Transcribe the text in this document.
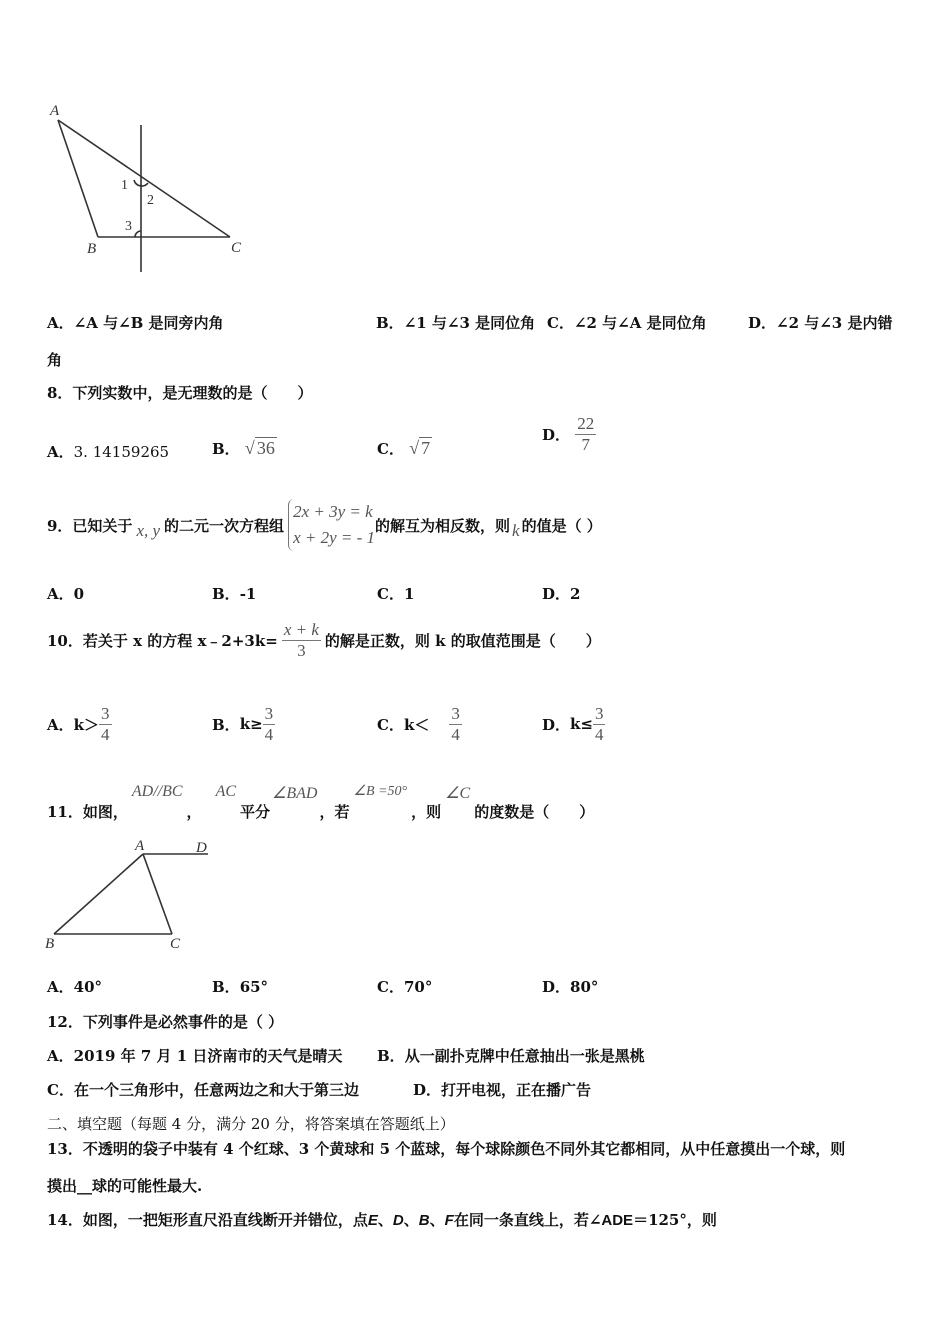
A
B	C
1
2
3
A．∠A 与∠B 是同旁内角	B．∠1 与∠3 是同位角 C．∠2 与∠A 是同位角	D．∠2 与∠3 是内错
角
8．下列实数中，是无理数的是（　　）
A．3. 14159265	B． √ 36	C． √ 7
D． $\frac{22}{7}$
9．已知关于 x, y 的二元一次方程组
2x + 3y = k
x + 2y = - 1
的解互为相反数，则 k 的值是（ ）
A．0	B．-1	C．1	D．2
10．若关于 x 的方程 x﹣2+3k= $\frac{x + k}{3}$ 的解是正数，则 k 的取值范围是（　　）
A． $k> \frac{3}{4}$	B． $k\ge \frac{3}{4}$	C． $k< \frac{3}{4}$	D． $k\le \frac{3}{4}$
11．如图，
AD//BC
，
AC
平分
∠BAD
，若
∠B =50°
，则
∠C
的度数是（　　）
A	D
B	C
A．40°	B．65°	C．70°	D．80°
12．下列事件是必然事件的是（ ）
A．2019 年 7 月 1 日济南市的天气是晴天 B．从一副扑克牌中任意抽出一张是黑桃
C．在一个三角形中，任意两边之和大于第三边	D．打开电视，正在播广告
二、填空题（每题 4 分，满分 20 分，将答案填在答题纸上）
13．不透明的袋子中装有 4 个红球、3 个黄球和 5 个蓝球，每个球除颜色不同外其它都相同，从中任意摸出一个球，则
摸出__球的可能性最大.
14．如图，一把矩形直尺沿直线断开并错位，点E、D、B、F在同一条直线上，若∠ADE＝125°，则
